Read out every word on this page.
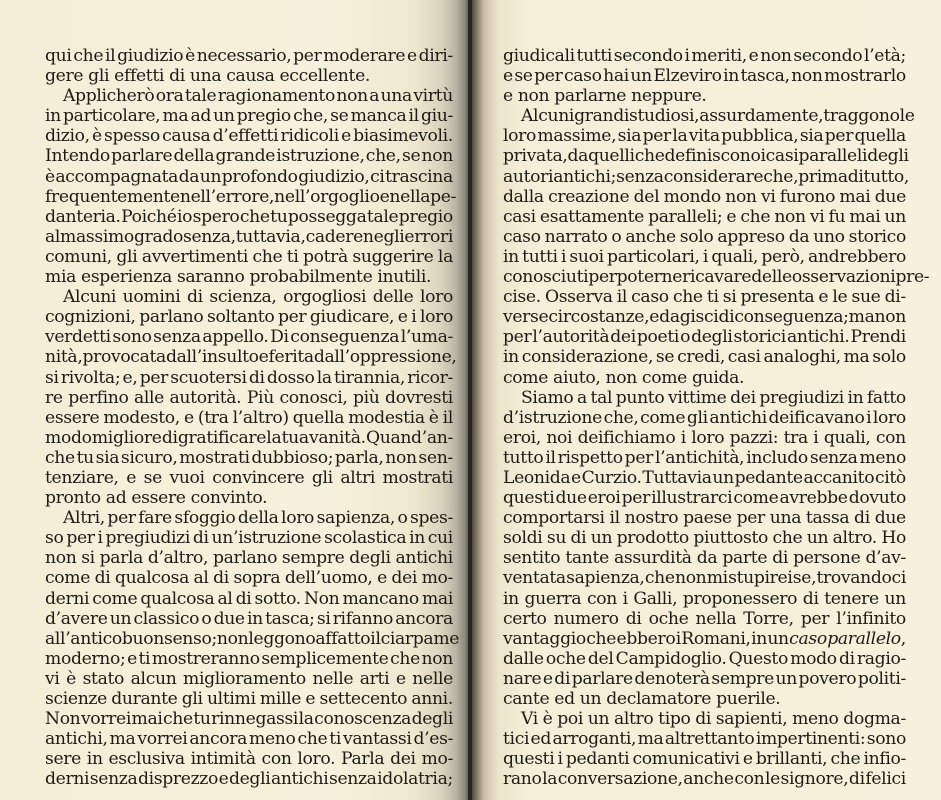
qui che il giudizio è necessario, per moderare e diri-
gere gli effetti di una causa eccellente.
Applicherò ora tale ragionamento non a una virtù
in particolare, ma ad un pregio che, se manca il giu-
dizio, è spesso causa d’effetti ridicoli e biasimevoli.
Intendo parlare della grande istruzione, che, se non
è accompagnata da un profondo giudizio, ci trascina
frequentemente nell’errore, nell’orgoglio e nella pe-
danteria. Poiché io spero che tu possegga tale pregio
al massimo grado senza, tuttavia, cadere negli errori
comuni, gli avvertimenti che ti potrà suggerire la
mia esperienza saranno probabilmente inutili.
Alcuni uomini di scienza, orgogliosi delle loro
cognizioni, parlano soltanto per giudicare, e i loro
verdetti sono senza appello. Di conseguenza l’uma-
nità, provocata dall’insulto e ferita dall’oppressione,
si rivolta; e, per scuotersi di dosso la tirannia, ricor-
re perfino alle autorità. Più conosci, più dovresti
essere modesto, e (tra l’altro) quella modestia è il
modo migliore di gratificare la tua vanità. Quand’an-
che tu sia sicuro, mostrati dubbioso; parla, non sen-
tenziare, e se vuoi convincere gli altri mostrati
pronto ad essere convinto.
Altri, per fare sfoggio della loro sapienza, o spes-
so per i pregiudizi di un’istruzione scolastica in cui
non si parla d’altro, parlano sempre degli antichi
come di qualcosa al di sopra dell’uomo, e dei mo-
derni come qualcosa al di sotto. Non mancano mai
d’avere un classico o due in tasca; si rifanno ancora
all’antico buon senso; non leggono affatto il ciarpame
moderno; e ti mostreranno semplicemente che non
vi è stato alcun miglioramento nelle arti e nelle
scienze durante gli ultimi mille e settecento anni.
Non vorrei mai che tu rinnegassi la conoscenza degli
antichi, ma vorrei ancora meno che ti vantassi d’es-
sere in esclusiva intimità con loro. Parla dei mo-
derni senza disprezzo e degli antichi senza idolatria;
giudicali tutti secondo i meriti, e non secondo l’età;
e se per caso hai un Elzeviro in tasca, non mostrarlo
e non parlarne neppure.
Alcuni grandi studiosi, assurdamente, traggono le
loro massime, sia per la vita pubblica, sia per quella
privata, da quelli che definiscono i casi paralleli degli
autori antichi; senza considerare che, prima di tutto,
dalla creazione del mondo non vi furono mai due
casi esattamente paralleli; e che non vi fu mai un
caso narrato o anche solo appreso da uno storico
in tutti i suoi particolari, i quali, però, andrebbero
conosciuti per poterne ricavare delle osservazioni pre-
cise. Osserva il caso che ti si presenta e le sue di-
verse circostanze, ed agisci di conseguenza; ma non
per l’autorità dei poeti o degli storici antichi. Prendi
in considerazione, se credi, casi analoghi, ma solo
come aiuto, non come guida.
Siamo a tal punto vittime dei pregiudizi in fatto
d’istruzione che, come gli antichi deificavano i loro
eroi, noi deifichiamo i loro pazzi: tra i quali, con
tutto il rispetto per l’antichità, includo senza meno
Leonida e Curzio. Tuttavia un pedante accanito citò
questi due eroi per illustrarci come avrebbe dovuto
comportarsi il nostro paese per una tassa di due
soldi su di un prodotto piuttosto che un altro. Ho
sentito tante assurdità da parte di persone d’av-
ventata sapienza, che non mi stupirei se, trovandoci
in guerra con i Galli, proponessero di tenere un
certo numero di oche nella Torre, per l’infinito
vantaggio che ebbero i Romani, in un caso parallelo,
dalle oche del Campidoglio. Questo modo di ragio-
nare e di parlare denoterà sempre un povero politi-
cante ed un declamatore puerile.
Vi è poi un altro tipo di sapienti, meno dogma-
tici ed arroganti, ma altrettanto impertinenti: sono
questi i pedanti comunicativi e brillanti, che infio-
rano la conversazione, anche con le signore, di felici
